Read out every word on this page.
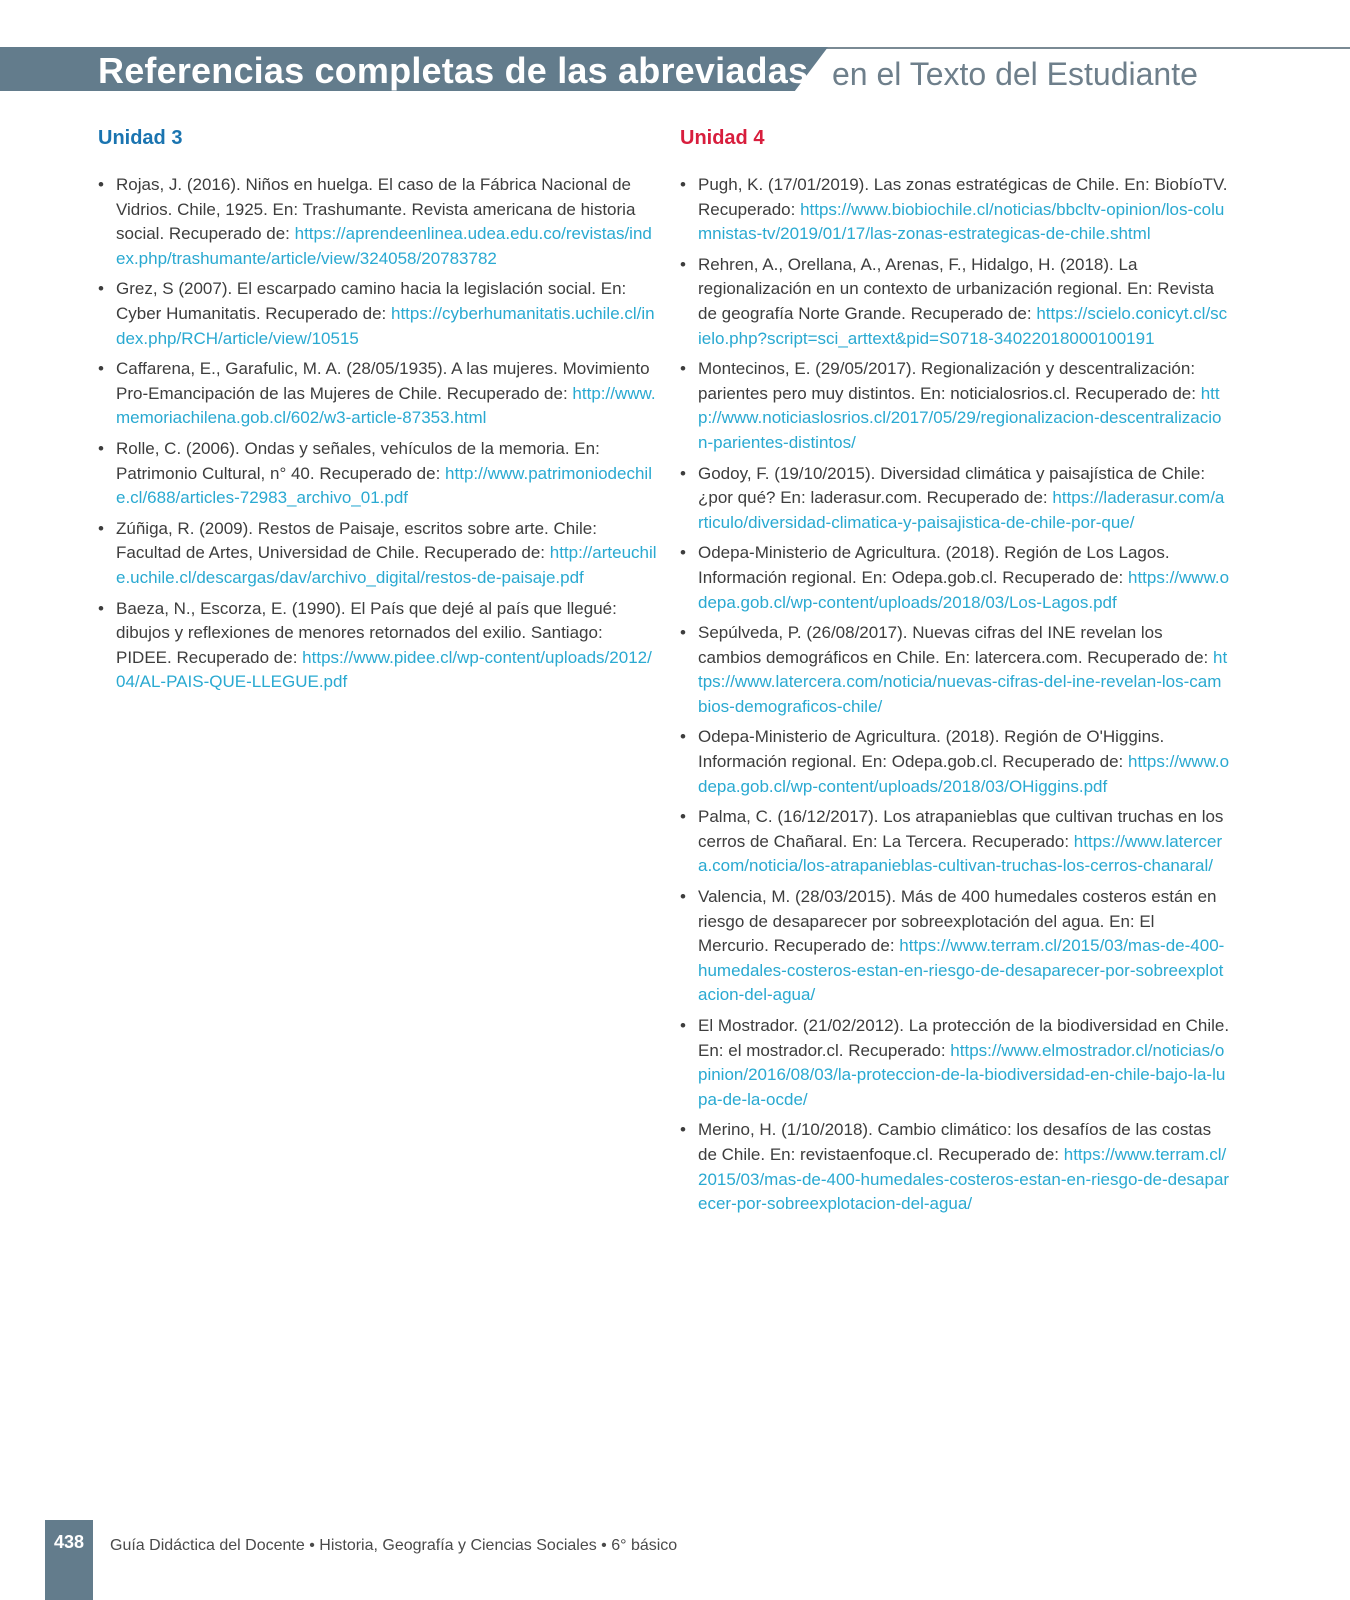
Referencias completas de las abreviadas en el Texto del Estudiante
Unidad 3
• Rojas, J. (2016). Niños en huelga. El caso de la Fábrica Nacional de Vidrios. Chile, 1925. En: Trashumante. Revista americana de historia social. Recuperado de: https://aprendeenlinea.udea.edu.co/revistas/index.php/trashumante/article/view/324058/20783782
• Grez, S (2007). El escarpado camino hacia la legislación social. En: Cyber Humanitatis. Recuperado de: https://cyberhumanitatis.uchile.cl/index.php/RCH/article/view/10515
• Caffarena, E., Garafulic, M. A. (28/05/1935). A las mujeres. Movimiento Pro-Emancipación de las Mujeres de Chile. Recuperado de: http://www.memoriachilena.gob.cl/602/w3-article-87353.html
• Rolle, C. (2006). Ondas y señales, vehículos de la memoria. En: Patrimonio Cultural, n° 40. Recuperado de: http://www.patrimoniodechile.cl/688/articles-72983_archivo_01.pdf
• Zúñiga, R. (2009). Restos de Paisaje, escritos sobre arte. Chile: Facultad de Artes, Universidad de Chile. Recuperado de: http://arteuchile.uchile.cl/descargas/dav/archivo_digital/restos-de-paisaje.pdf
• Baeza, N., Escorza, E. (1990). El País que dejé al país que llegué: dibujos y reflexiones de menores retornados del exilio. Santiago: PIDEE. Recuperado de: https://www.pidee.cl/wp-content/uploads/2012/04/AL-PAIS-QUE-LLEGUE.pdf
Unidad 4
• Pugh, K. (17/01/2019). Las zonas estratégicas de Chile. En: BiobíoTV. Recuperado: https://www.biobiochile.cl/noticias/bbcltv-opinion/los-columnistas-tv/2019/01/17/las-zonas-estrategicas-de-chile.shtml
• Rehren, A., Orellana, A., Arenas, F., Hidalgo, H. (2018). La regionalización en un contexto de urbanización regional. En: Revista de geografía Norte Grande. Recuperado de: https://scielo.conicyt.cl/scielo.php?script=sci_arttext&pid=S0718-34022018000100191
• Montecinos, E. (29/05/2017). Regionalización y descentralización: parientes pero muy distintos. En: noticialosrios.cl. Recuperado de: http://www.noticiaslosrios.cl/2017/05/29/regionalizacion-descentralizacion-parientes-distintos/
• Godoy, F. (19/10/2015). Diversidad climática y paisajística de Chile: ¿por qué? En: laderasur.com. Recuperado de: https://laderasur.com/articulo/diversidad-climatica-y-paisajistica-de-chile-por-que/
• Odepa-Ministerio de Agricultura. (2018). Región de Los Lagos. Información regional. En: Odepa.gob.cl. Recuperado de: https://www.odepa.gob.cl/wp-content/uploads/2018/03/Los-Lagos.pdf
• Sepúlveda, P. (26/08/2017). Nuevas cifras del INE revelan los cambios demográficos en Chile. En: latercera.com. Recuperado de: https://www.latercera.com/noticia/nuevas-cifras-del-ine-revelan-los-cambios-demograficos-chile/
• Odepa-Ministerio de Agricultura. (2018). Región de O'Higgins. Información regional. En: Odepa.gob.cl. Recuperado de: https://www.odepa.gob.cl/wp-content/uploads/2018/03/OHiggins.pdf
• Palma, C. (16/12/2017). Los atrapanieblas que cultivan truchas en los cerros de Chañaral. En: La Tercera. Recuperado: https://www.latercera.com/noticia/los-atrapanieblas-cultivan-truchas-los-cerros-chanaral/
• Valencia, M. (28/03/2015). Más de 400 humedales costeros están en riesgo de desaparecer por sobreexplotación del agua. En: El Mercurio. Recuperado de: https://www.terram.cl/2015/03/mas-de-400-humedales-costeros-estan-en-riesgo-de-desaparecer-por-sobreexplotacion-del-agua/
• El Mostrador. (21/02/2012). La protección de la biodiversidad en Chile. En: el mostrador.cl. Recuperado: https://www.elmostrador.cl/noticias/opinion/2016/08/03/la-proteccion-de-la-biodiversidad-en-chile-bajo-la-lupa-de-la-ocde/
• Merino, H. (1/10/2018). Cambio climático: los desafíos de las costas de Chile. En: revistaenfoque.cl. Recuperado de: https://www.terram.cl/2015/03/mas-de-400-humedales-costeros-estan-en-riesgo-de-desaparecer-por-sobreexplotacion-del-agua/
438	Guía Didáctica del Docente • Historia, Geografía y Ciencias Sociales • 6° básico
